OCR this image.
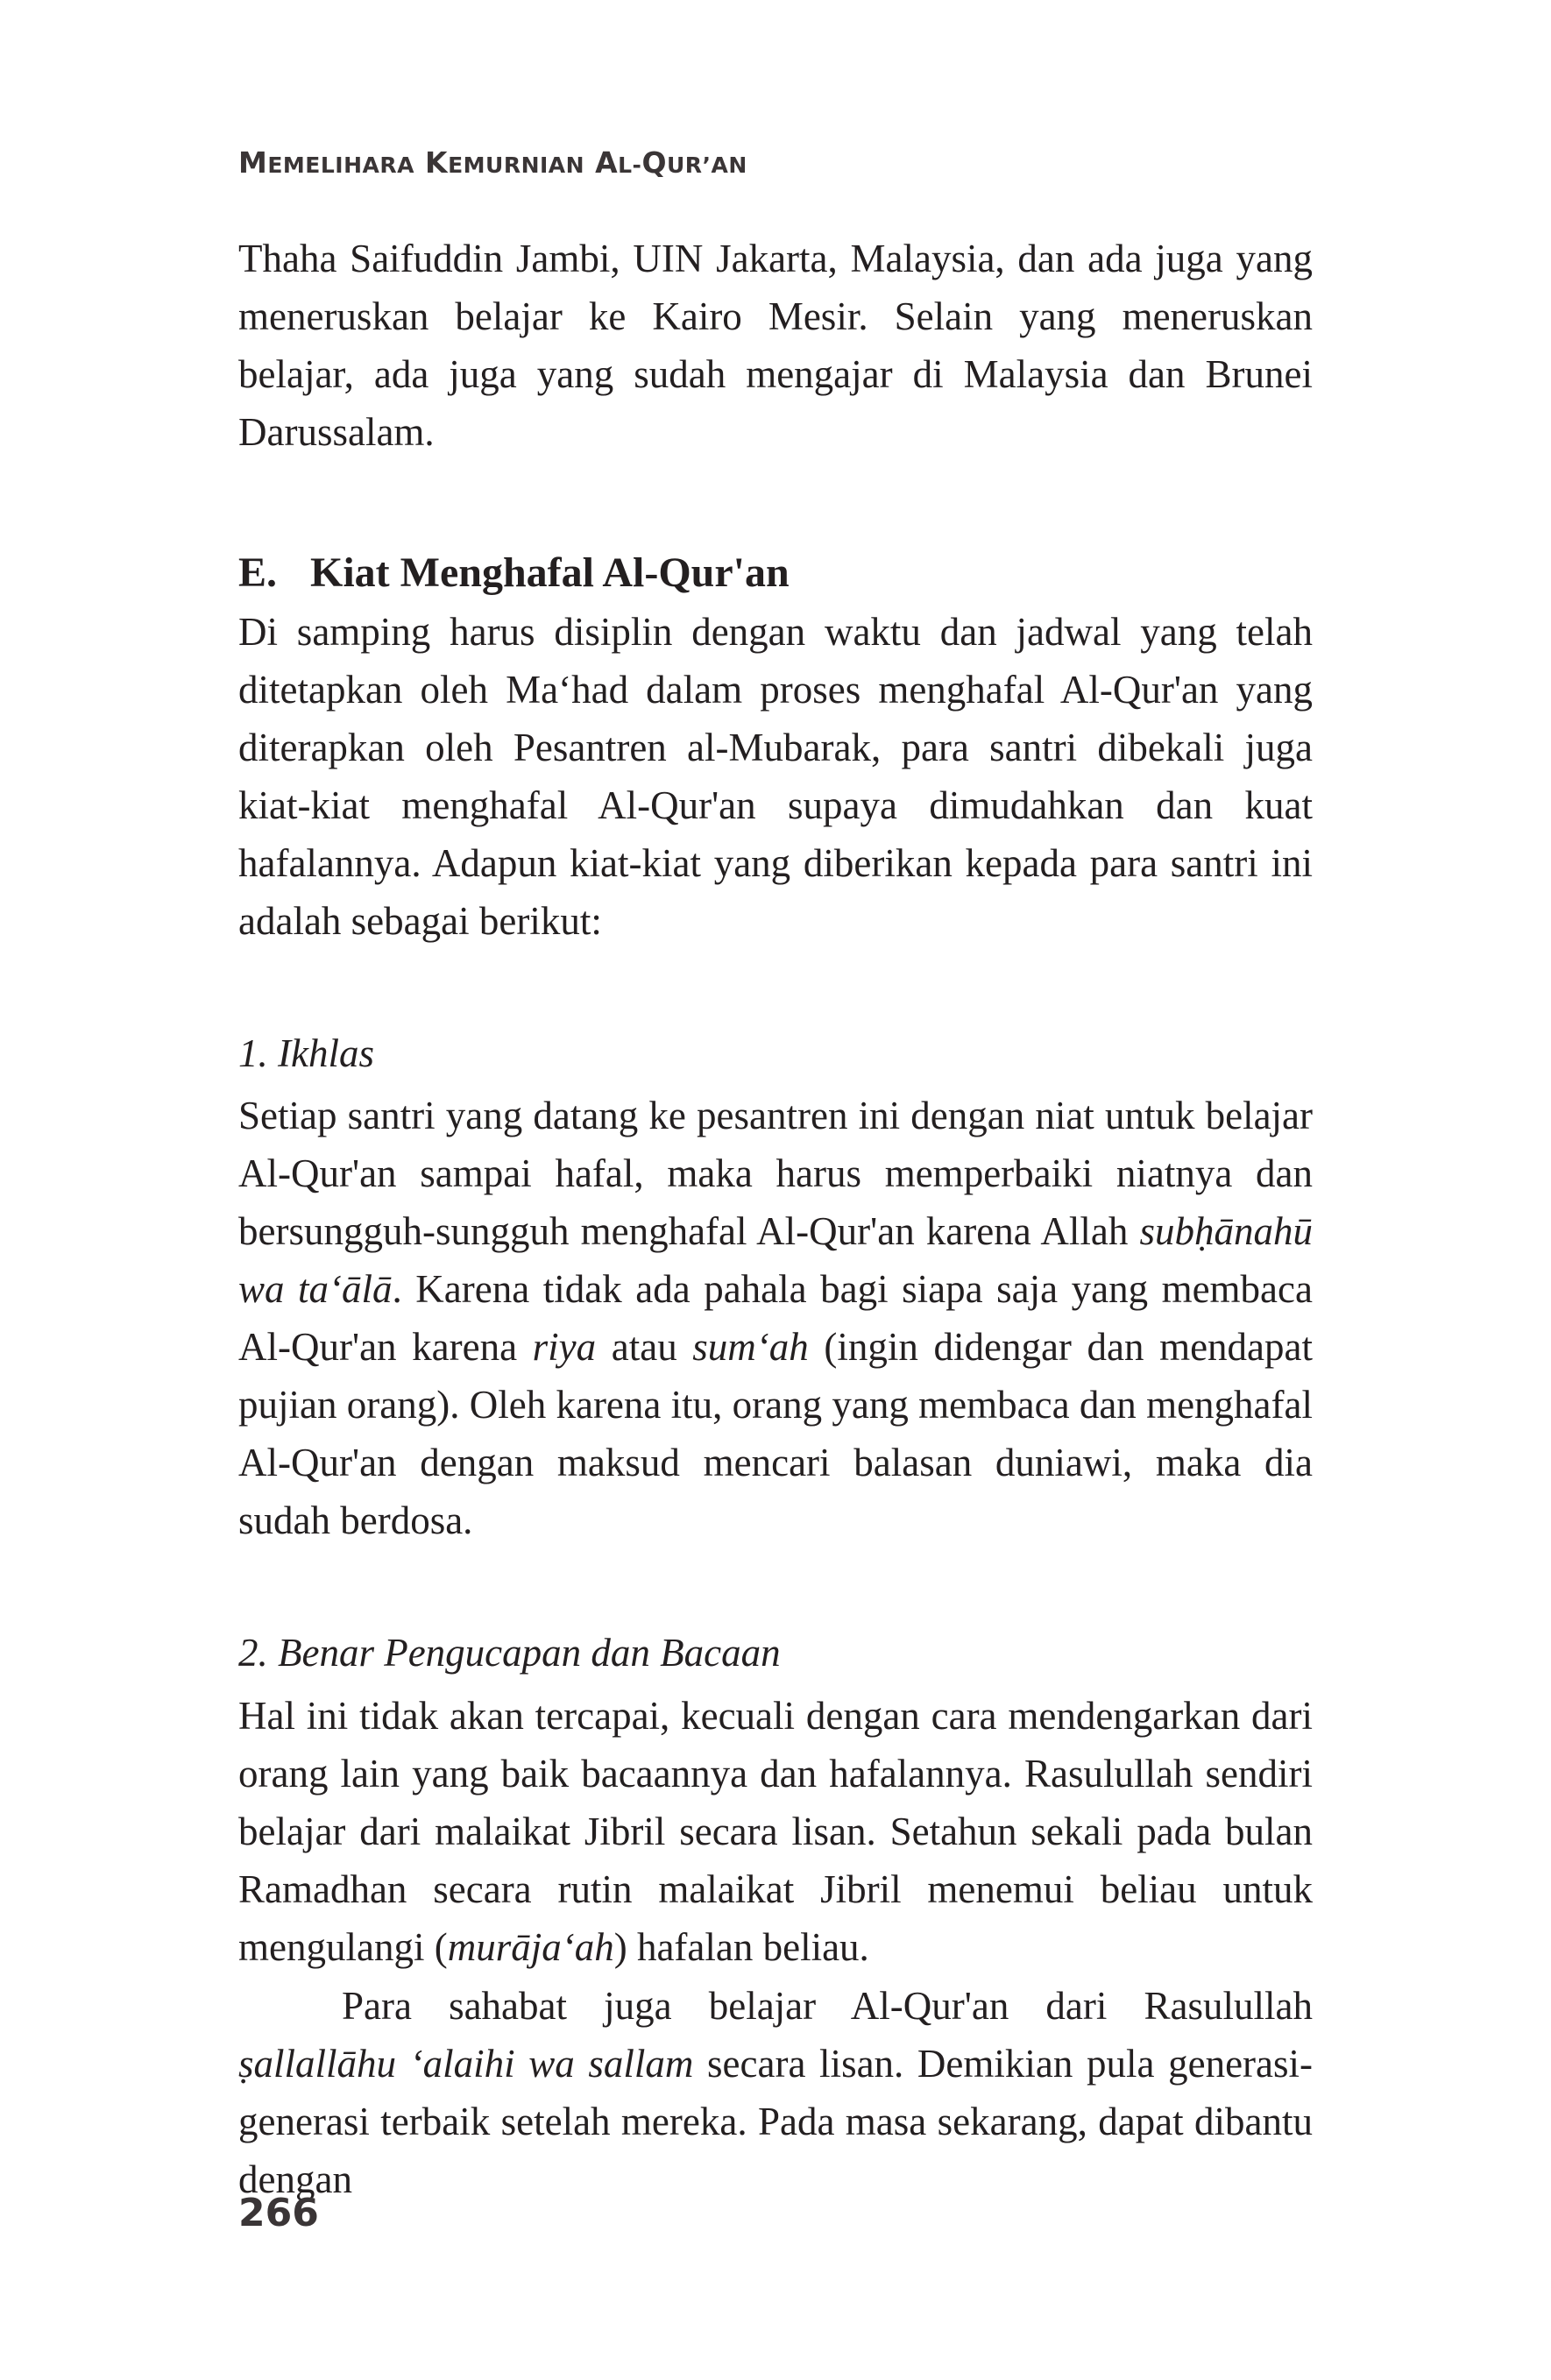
MEMELIHARA KEMURNIAN AL-QUR’AN

Thaha Saifuddin Jambi, UIN Jakarta, Malaysia, dan ada juga yang meneruskan belajar ke Kairo Mesir. Selain yang meneruskan belajar, ada juga yang sudah mengajar di Malaysia dan Brunei Darussalam.

E. Kiat Menghafal Al-Qur'an

Di samping harus disiplin dengan waktu dan jadwal yang telah ditetapkan oleh Ma‘had dalam proses menghafal Al-Qur'an yang diterapkan oleh Pesantren al-Mubarak, para santri dibekali juga kiat-kiat menghafal Al-Qur'an supaya dimudahkan dan kuat hafalannya. Adapun kiat-kiat yang diberikan kepada para santri ini adalah sebagai berikut:

1. Ikhlas

Setiap santri yang datang ke pesantren ini dengan niat untuk belajar Al-Qur'an sampai hafal, maka harus memperbaiki niatnya dan bersungguh-sungguh menghafal Al-Qur'an karena Allah subḥānahū wa ta‘ālā. Karena tidak ada pahala bagi siapa saja yang membaca Al-Qur'an karena riya atau sum‘ah (ingin didengar dan mendapat pujian orang). Oleh karena itu, orang yang membaca dan menghafal Al-Qur'an dengan maksud mencari balasan duniawi, maka dia sudah berdosa.

2. Benar Pengucapan dan Bacaan

Hal ini tidak akan tercapai, kecuali dengan cara mendengarkan dari orang lain yang baik bacaannya dan hafalannya. Rasulullah sendiri belajar dari malaikat Jibril secara lisan. Setahun sekali pada bulan Ramadhan secara rutin malaikat Jibril menemui beliau untuk mengulangi (murāja‘ah) hafalan beliau.

Para sahabat juga belajar Al-Qur'an dari Rasulullah ṣallallāhu ‘alaihi wa sallam secara lisan. Demikian pula generasi-generasi terbaik setelah mereka. Pada masa sekarang, dapat dibantu dengan

266
